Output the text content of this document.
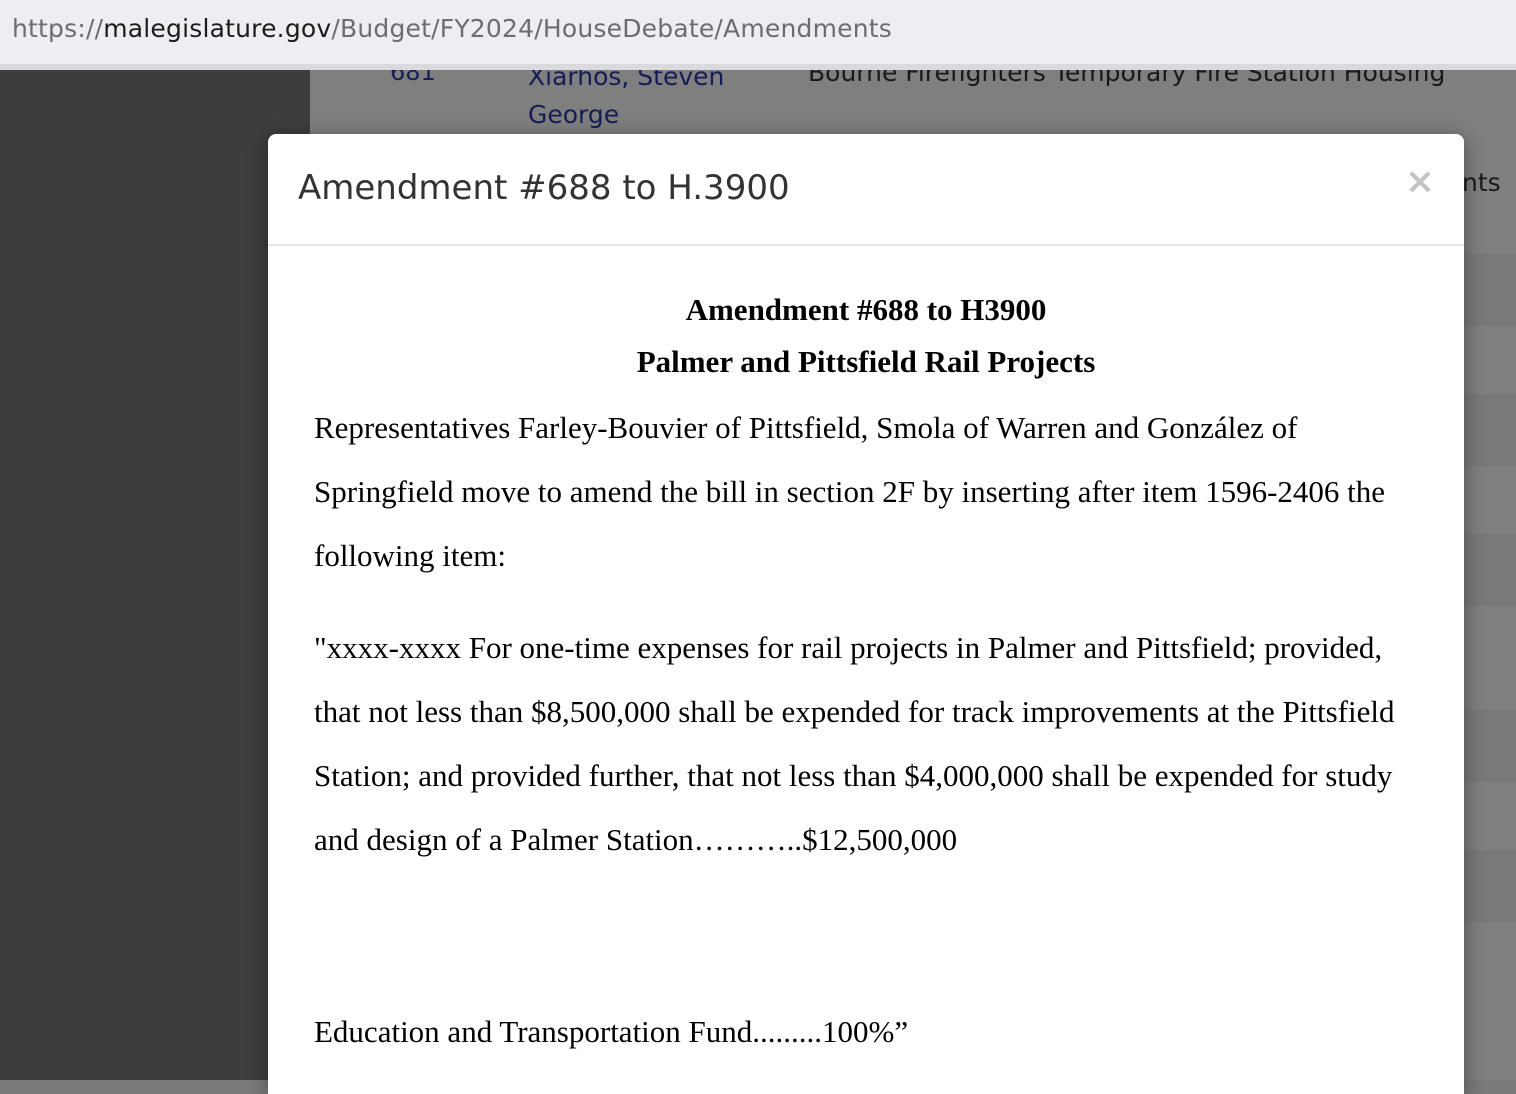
https://malegislature.gov/Budget/FY2024/HouseDebate/Amendments
Amendment #688 to H.3900	×

Amendment #688 to H3900

Palmer and Pittsfield Rail Projects

Representatives Farley-Bouvier of Pittsfield, Smola of Warren and González of Springfield move to amend the bill in section 2F by inserting after item 1596-2406 the following item:

"xxxx-xxxx For one-time expenses for rail projects in Palmer and Pittsfield; provided, that not less than $8,500,000 shall be expended for track improvements at the Pittsfield Station; and provided further, that not less than $4,000,000 shall be expended for study and design of a Palmer Station………..$12,500,000

Education and Transportation Fund.........100%”
